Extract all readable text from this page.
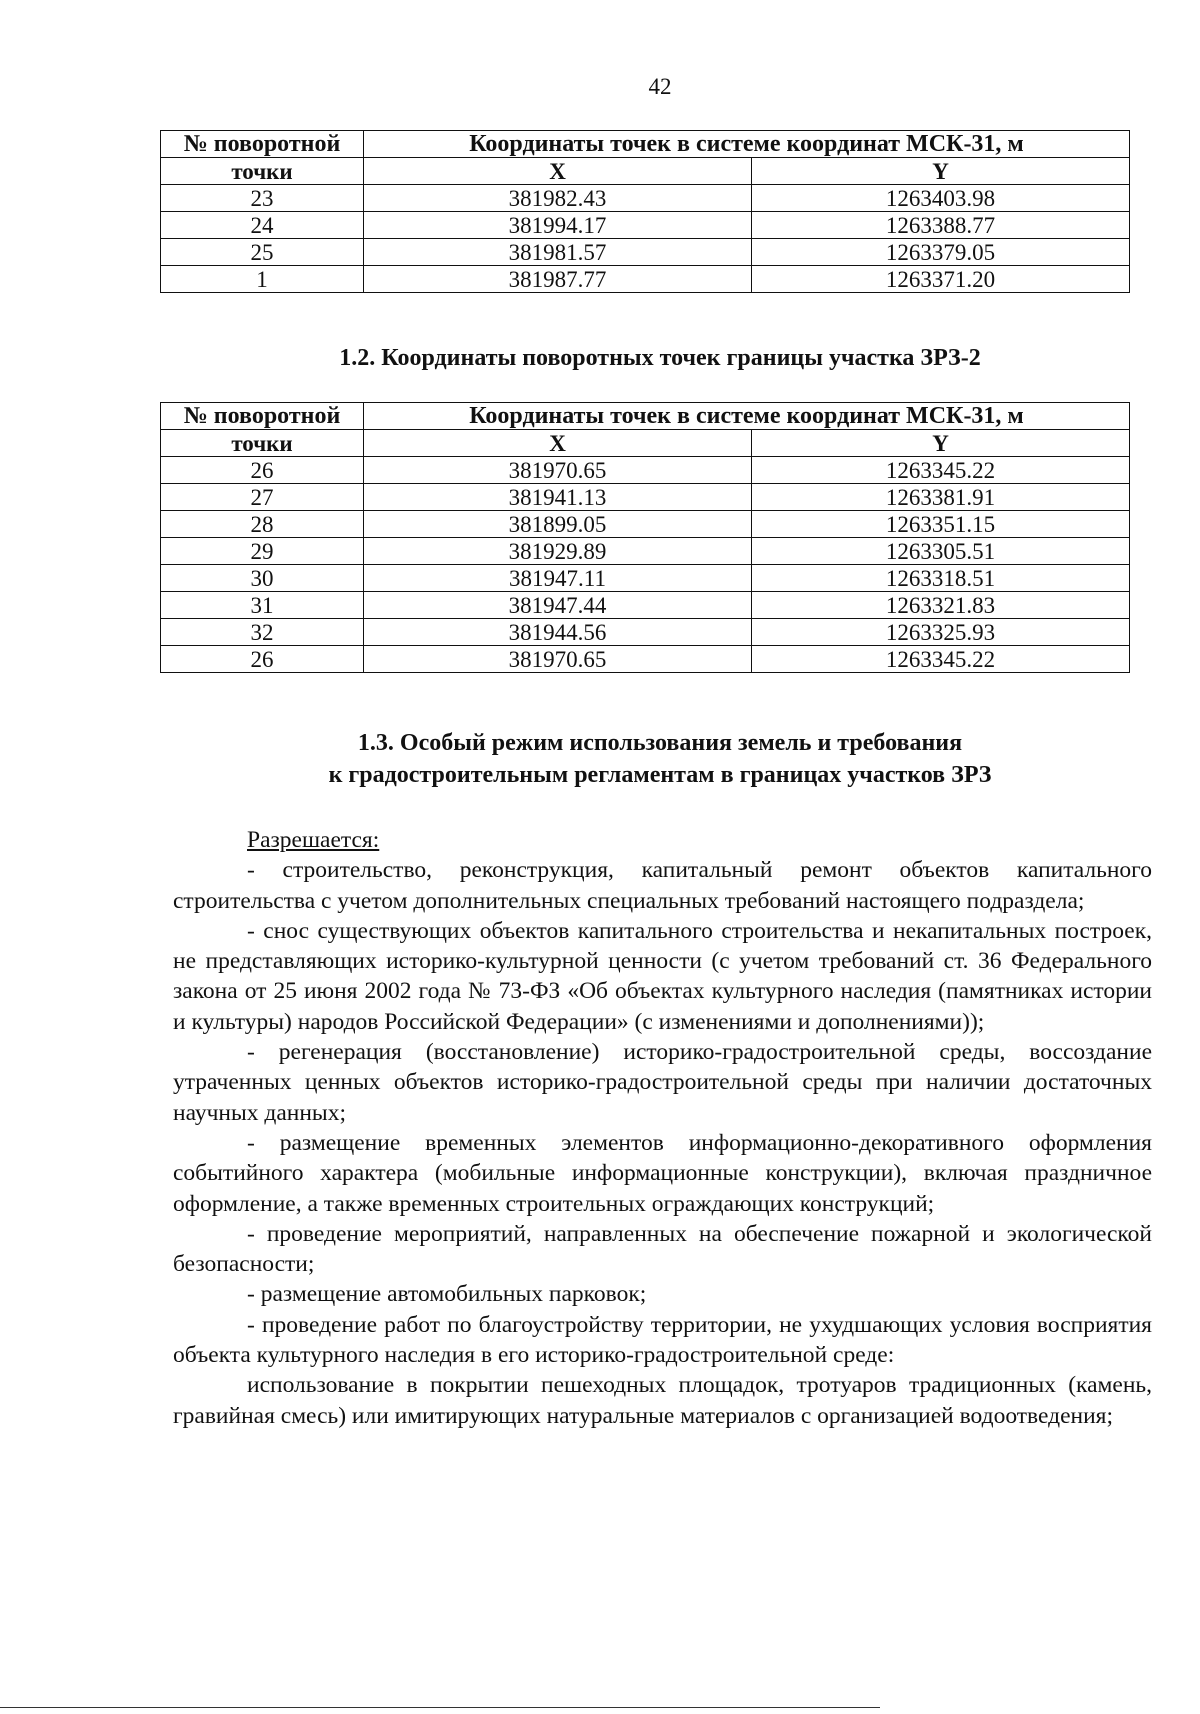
42
№ поворотной	Координаты точек в системе координат МСК-31, м	
точки	X	Y
23	381982.43	1263403.98
24	381994.17	1263388.77
25	381981.57	1263379.05
1	381987.77	1263371.20
1.2. Координаты поворотных точек границы участка ЗРЗ-2
№ поворотной	Координаты точек в системе координат МСК-31, м	
точки	X	Y
26	381970.65	1263345.22
27	381941.13	1263381.91
28	381899.05	1263351.15
29	381929.89	1263305.51
30	381947.11	1263318.51
31	381947.44	1263321.83
32	381944.56	1263325.93
26	381970.65	1263345.22
1.3. Особый режим использования земель и требования
к градостроительным регламентам в границах участков ЗРЗ

Разрешается:

- строительство, реконструкция, капитальный ремонт объектов капитального строительства с учетом дополнительных специальных требований настоящего подраздела;

- снос существующих объектов капитального строительства и некапитальных построек, не представляющих историко-культурной ценности (с учетом требований ст. 36 Федерального закона от 25 июня 2002 года № 73-ФЗ «Об объектах культурного наследия (памятниках истории и культуры) народов Российской Федерации» (с изменениями и дополнениями));

- регенерация (восстановление) историко-градостроительной среды, воссоздание утраченных ценных объектов историко-градостроительной среды при наличии достаточных научных данных;

- размещение временных элементов информационно-декоративного оформления событийного характера (мобильные информационные конструкции), включая праздничное оформление, а также временных строительных ограждающих конструкций;

- проведение мероприятий, направленных на обеспечение пожарной и экологической безопасности;

- размещение автомобильных парковок;

- проведение работ по благоустройству территории, не ухудшающих условия восприятия объекта культурного наследия в его историко-градостроительной среде:

использование в покрытии пешеходных площадок, тротуаров традиционных (камень, гравийная смесь) или имитирующих натуральные материалов с организацией водоотведения;
